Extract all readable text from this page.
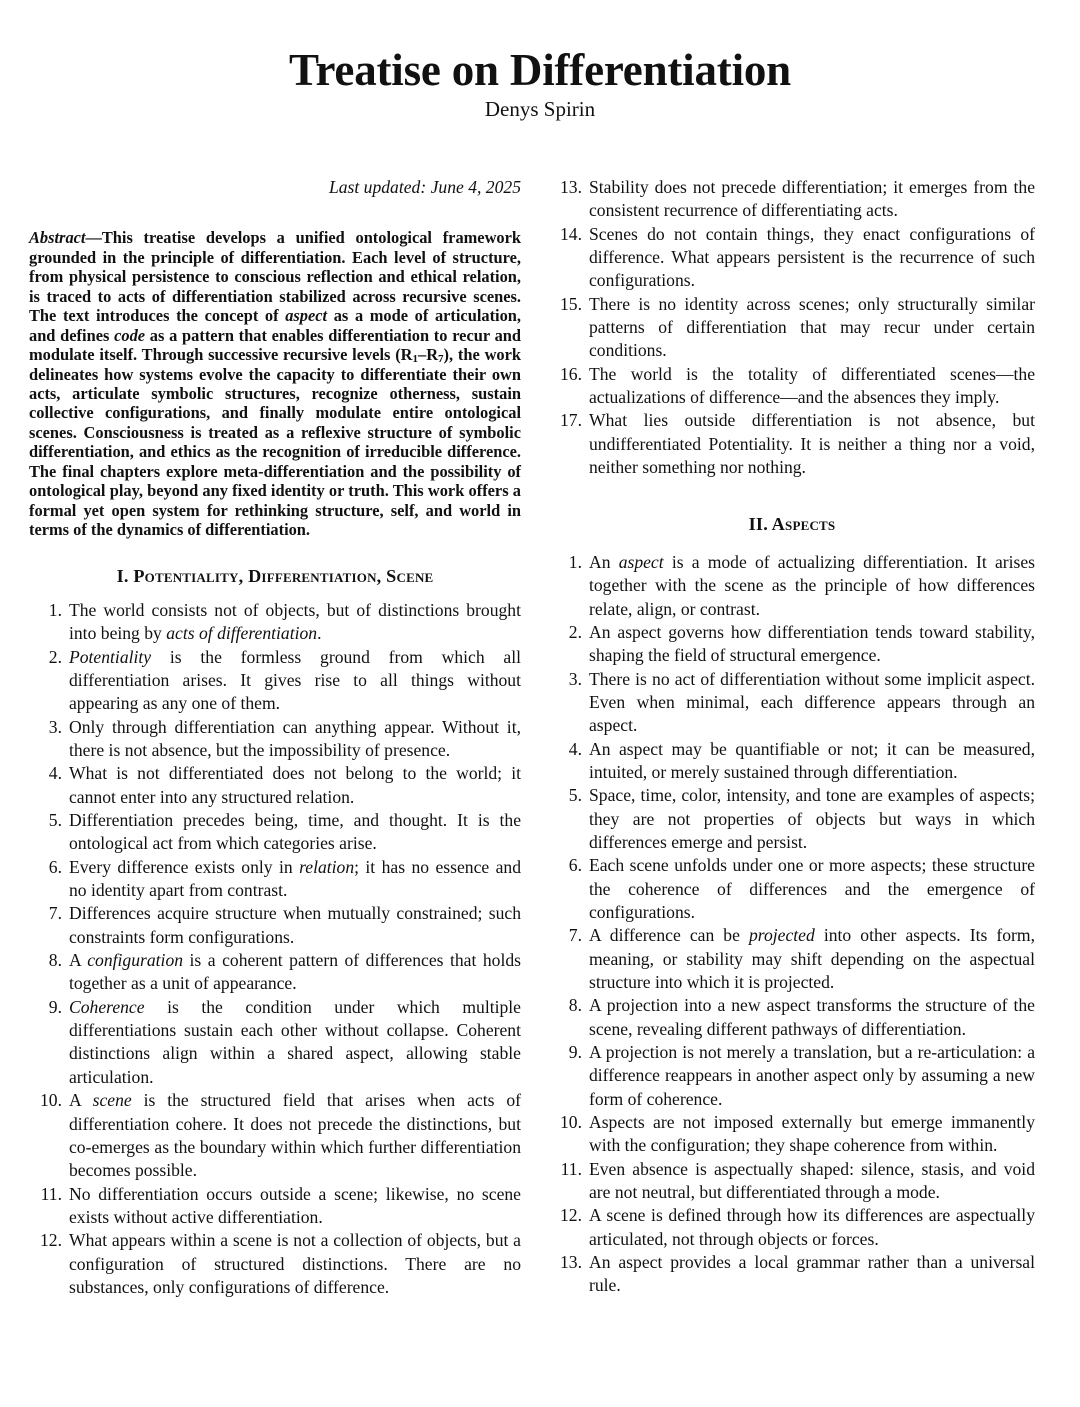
Treatise on Differentiation
Denys Spirin
Last updated: June 4, 2025

Abstract—This treatise develops a unified ontological framework grounded in the principle of differentiation. Each level of structure, from physical persistence to conscious reflection and ethical relation, is traced to acts of differentiation stabilized across recursive scenes. The text introduces the concept of aspect as a mode of articulation, and defines code as a pattern that enables differentiation to recur and modulate itself. Through successive recursive levels $(R_1-R_7)$, the work delineates how systems evolve the capacity to differentiate their own acts, articulate symbolic structures, recognize otherness, sustain collective configurations, and finally modulate entire ontological scenes. Consciousness is treated as a reflexive structure of symbolic differentiation, and ethics as the recognition of irreducible difference. The final chapters explore meta-differentiation and the possibility of ontological play, beyond any fixed identity or truth. This work offers a formal yet open system for rethinking structure, self, and world in terms of the dynamics of differentiation.

I. Potentiality, Differentiation, Scene
1. The world consists not of objects, but of distinctions brought into being by acts of differentiation.
2. Potentiality is the formless ground from which all differentiation arises. It gives rise to all things without appearing as any one of them.
3. Only through differentiation can anything appear. Without it, there is not absence, but the impossibility of presence.
4. What is not differentiated does not belong to the world; it cannot enter into any structured relation.
5. Differentiation precedes being, time, and thought. It is the ontological act from which categories arise.
6. Every difference exists only in relation; it has no essence and no identity apart from contrast.
7. Differences acquire structure when mutually constrained; such constraints form configurations.
8. A configuration is a coherent pattern of differences that holds together as a unit of appearance.
9. Coherence is the condition under which multiple differentiations sustain each other without collapse. Coherent distinctions align within a shared aspect, allowing stable articulation.
10. A scene is the structured field that arises when acts of differentiation cohere. It does not precede the distinctions, but co-emerges as the boundary within which further differentiation becomes possible.
11. No differentiation occurs outside a scene; likewise, no scene exists without active differentiation.
12. What appears within a scene is not a collection of objects, but a configuration of structured distinctions. There are no substances, only configurations of difference.
13. Stability does not precede differentiation; it emerges from the consistent recurrence of differentiating acts.
14. Scenes do not contain things, they enact configurations of difference. What appears persistent is the recurrence of such configurations.
15. There is no identity across scenes; only structurally similar patterns of differentiation that may recur under certain conditions.
16. The world is the totality of differentiated scenes—the actualizations of difference—and the absences they imply.
17. What lies outside differentiation is not absence, but undifferentiated Potentiality. It is neither a thing nor a void, neither something nor nothing.
II. Aspects
1. An aspect is a mode of actualizing differentiation. It arises together with the scene as the principle of how differences relate, align, or contrast.
2. An aspect governs how differentiation tends toward stability, shaping the field of structural emergence.
3. There is no act of differentiation without some implicit aspect. Even when minimal, each difference appears through an aspect.
4. An aspect may be quantifiable or not; it can be measured, intuited, or merely sustained through differentiation.
5. Space, time, color, intensity, and tone are examples of aspects; they are not properties of objects but ways in which differences emerge and persist.
6. Each scene unfolds under one or more aspects; these structure the coherence of differences and the emergence of configurations.
7. A difference can be projected into other aspects. Its form, meaning, or stability may shift depending on the aspectual structure into which it is projected.
8. A projection into a new aspect transforms the structure of the scene, revealing different pathways of differentiation.
9. A projection is not merely a translation, but a re-articulation: a difference reappears in another aspect only by assuming a new form of coherence.
10. Aspects are not imposed externally but emerge immanently with the configuration; they shape coherence from within.
11. Even absence is aspectually shaped: silence, stasis, and void are not neutral, but differentiated through a mode.
12. A scene is defined through how its differences are aspectually articulated, not through objects or forces.
13. An aspect provides a local grammar rather than a universal rule.
